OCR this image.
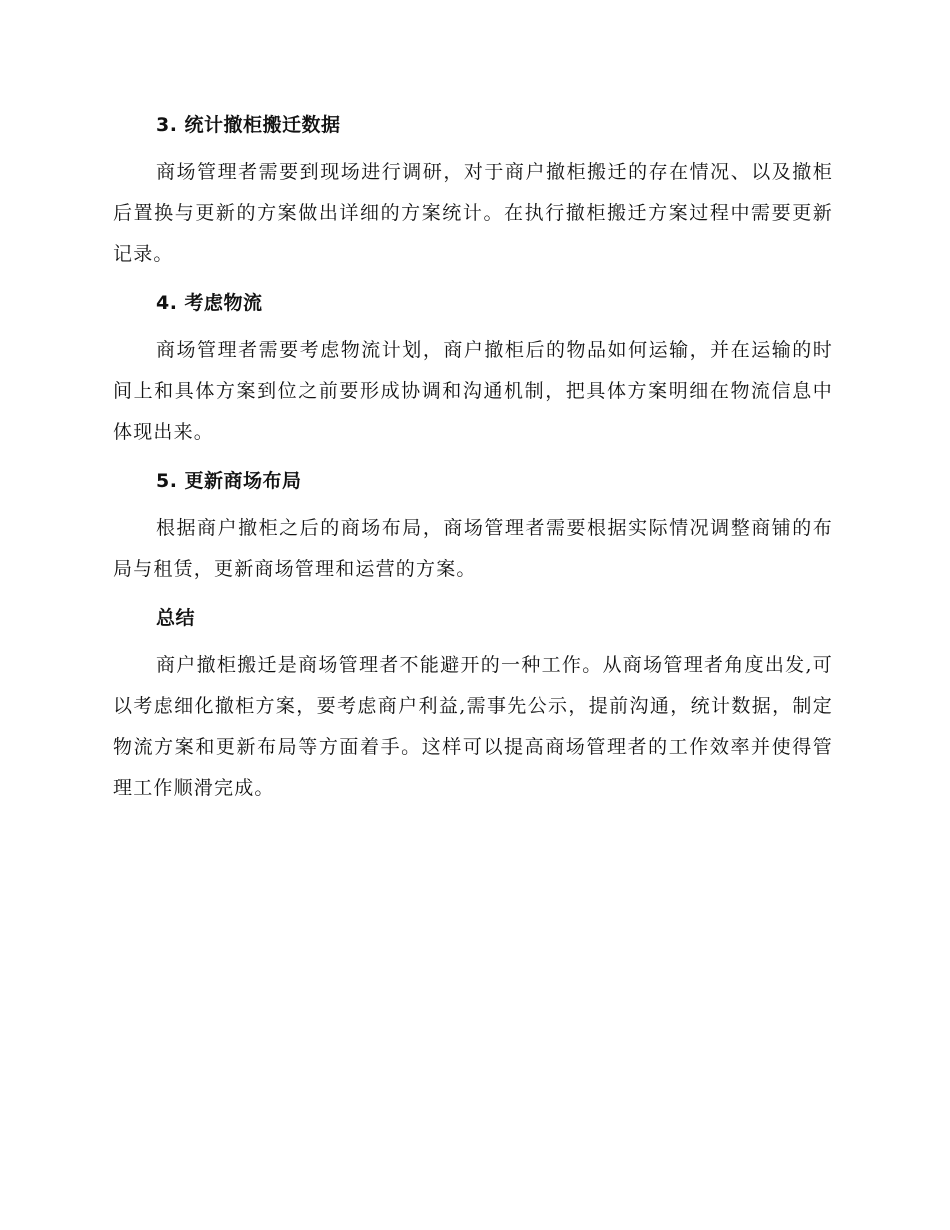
3. 统计撤柜搬迁数据

商场管理者需要到现场进行调研，对于商户撤柜搬迁的存在情况、以及撤柜后置换与更新的方案做出详细的方案统计。在执行撤柜搬迁方案过程中需要更新记录。

4. 考虑物流

商场管理者需要考虑物流计划，商户撤柜后的物品如何运输，并在运输的时间上和具体方案到位之前要形成协调和沟通机制，把具体方案明细在物流信息中体现出来。

5. 更新商场布局

根据商户撤柜之后的商场布局，商场管理者需要根据实际情况调整商铺的布局与租赁，更新商场管理和运营的方案。

总结

商户撤柜搬迁是商场管理者不能避开的一种工作。从商场管理者角度出发,可以考虑细化撤柜方案，要考虑商户利益,需事先公示，提前沟通，统计数据，制定物流方案和更新布局等方面着手。这样可以提高商场管理者的工作效率并使得管理工作顺滑完成。
